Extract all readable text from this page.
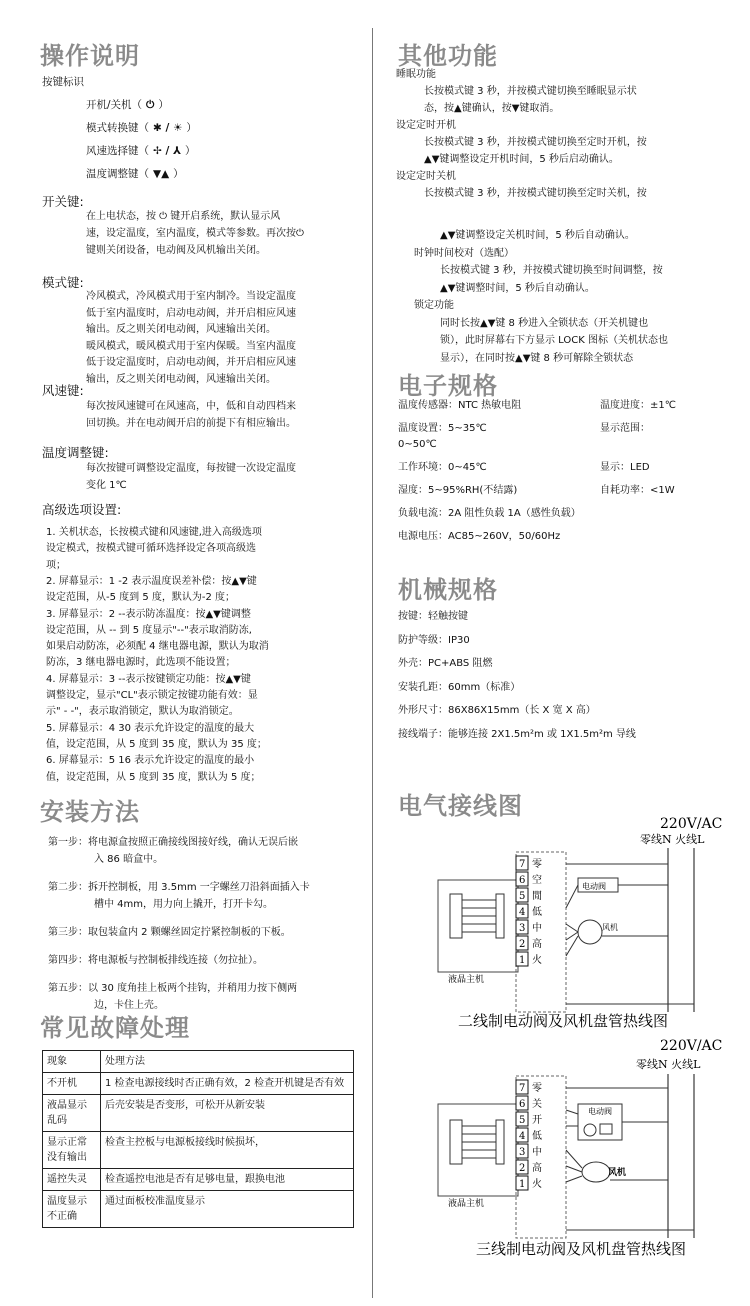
操作说明
按键标识
开机/关机（ ⏻ ）
模式转换键（ ✱ / ☀ ）
风速选择键（ ✢ / ⅄ ）
温度调整键（ ▼▲ ）
开关键:
在上电状态，按 ⏻ 键开启系统，默认显示风
速，设定温度，室内温度，模式等参数。再次按⏻
键则关闭设备，电动阀及风机输出关闭。
模式键:
冷风模式，冷风模式用于室内制冷。当设定温度
低于室内温度时，启动电动阀，并开启相应风速
输出。反之则关闭电动阀，风速输出关闭。
暖风模式，暖风模式用于室内保暖。当室内温度
低于设定温度时，启动电动阀，并开启相应风速
输出，反之则关闭电动阀，风速输出关闭。
风速键:
每次按风速键可在风速高，中，低和自动四档来
回切换。并在电动阀开启的前提下有相应输出。
温度调整键:
每次按键可调整设定温度，每按键一次设定温度
变化 1℃
高级选项设置:
1. 关机状态，长按模式键和风速键,进入高级选项
设定模式，按模式键可循环选择设定各项高级选
项；
2. 屏幕显示：1 -2 表示温度误差补偿：按▲▼键
设定范围，从-5 度到 5 度，默认为-2 度；
3. 屏幕显示：2 --表示防冻温度：按▲▼键调整
设定范围，从 -- 到 5 度显示"--"表示取消防冻,
如果启动防冻，必须配 4 继电器电源，默认为取消
防冻，3 继电器电源时，此选项不能设置；
4. 屏幕显示：3 --表示按键锁定功能：按▲▼键
调整设定，显示"CL"表示锁定按键功能有效：显
示" - -"，表示取消锁定，默认为取消锁定。
5. 屏幕显示：4 30 表示允许设定的温度的最大
值，设定范围，从 5 度到 35 度，默认为 35 度；
6. 屏幕显示：5 16 表示允许设定的温度的最小
值，设定范围，从 5 度到 35 度，默认为 5 度；
安装方法
第一步：将电源盒按照正确接线图接好线，确认无误后嵌
入 86 暗盒中。
第二步：拆开控制板，用 3.5mm 一字螺丝刀沿斜面插入卡
槽中 4mm，用力向上撬开，打开卡勾。
第三步：取包装盒内 2 颗螺丝固定拧紧控制板的下板。
第四步：将电源板与控制板排线连接（勿拉扯）。
第五步：以 30 度角挂上板两个挂钩，并稍用力按下侧两
边，卡住上壳。
常见故障处理
现象	处理方法
不开机	1 检查电源接线时否正确有效，2 检查开机键是否有效
液晶显示乱码	后壳安装是否变形，可松开从新安装
显示正常没有输出	检查主控板与电源板接线时候损坏，
遥控失灵	检查遥控电池是否有足够电量，跟换电池
温度显示不正确	通过面板校准温度显示
其他功能
睡眠功能
长按模式键 3 秒，并按模式键切换至睡眠显示状
态，按▲键确认，按▼键取消。
设定定时开机
长按模式键 3 秒，并按模式键切换至定时开机，按
▲▼键调整设定开机时间，5 秒后启动确认。
设定定时关机
长按模式键 3 秒，并按模式键切换至定时关机，按
▲▼键调整设定关机时间，5 秒后自动确认。
时钟时间校对（选配）
长按模式键 3 秒，并按模式键切换至时间调整，按
▲▼键调整时间，5 秒后自动确认。
锁定功能
同时长按▲▼键 8 秒进入全锁状态（开关机键也
锁），此时屏幕右下方显示 LOCK 图标（关机状态也
显示），在同时按▲▼键 8 秒可解除全锁状态
电子规格
温度传感器：NTC 热敏电阻	温度进度：±1℃
温度设置：5~35℃	显示范围：
0~50℃
工作环境：0~45℃	显示：LED
湿度：5~95%RH(不结露)	自耗功率：<1W
负载电流：2A 阻性负载 1A（感性负载）
电源电压：AC85~260V，50/60Hz
机械规格
按键：轻触按键
防护等级：IP30
外壳：PC+ABS 阻燃
安装孔距：60mm（标准）
外形尺寸：86X86X15mm（长 X 宽 X 高）
接线端子：能够连接 2X1.5m²m 或 1X1.5m²m 导线
电气接线图
220V/AC
零线N 火线L
液晶主机
7 零
6 空
5 閒
4 低
3 中
2 高
1 火
电动阀
风机
二线制电动阀及风机盘管热线图
220V/AC
零线N 火线L
液晶主机
7 零
6 关
5 开
4 低
3 中
2 高
1 火
电动阀
风机
三线制电动阀及风机盘管热线图
